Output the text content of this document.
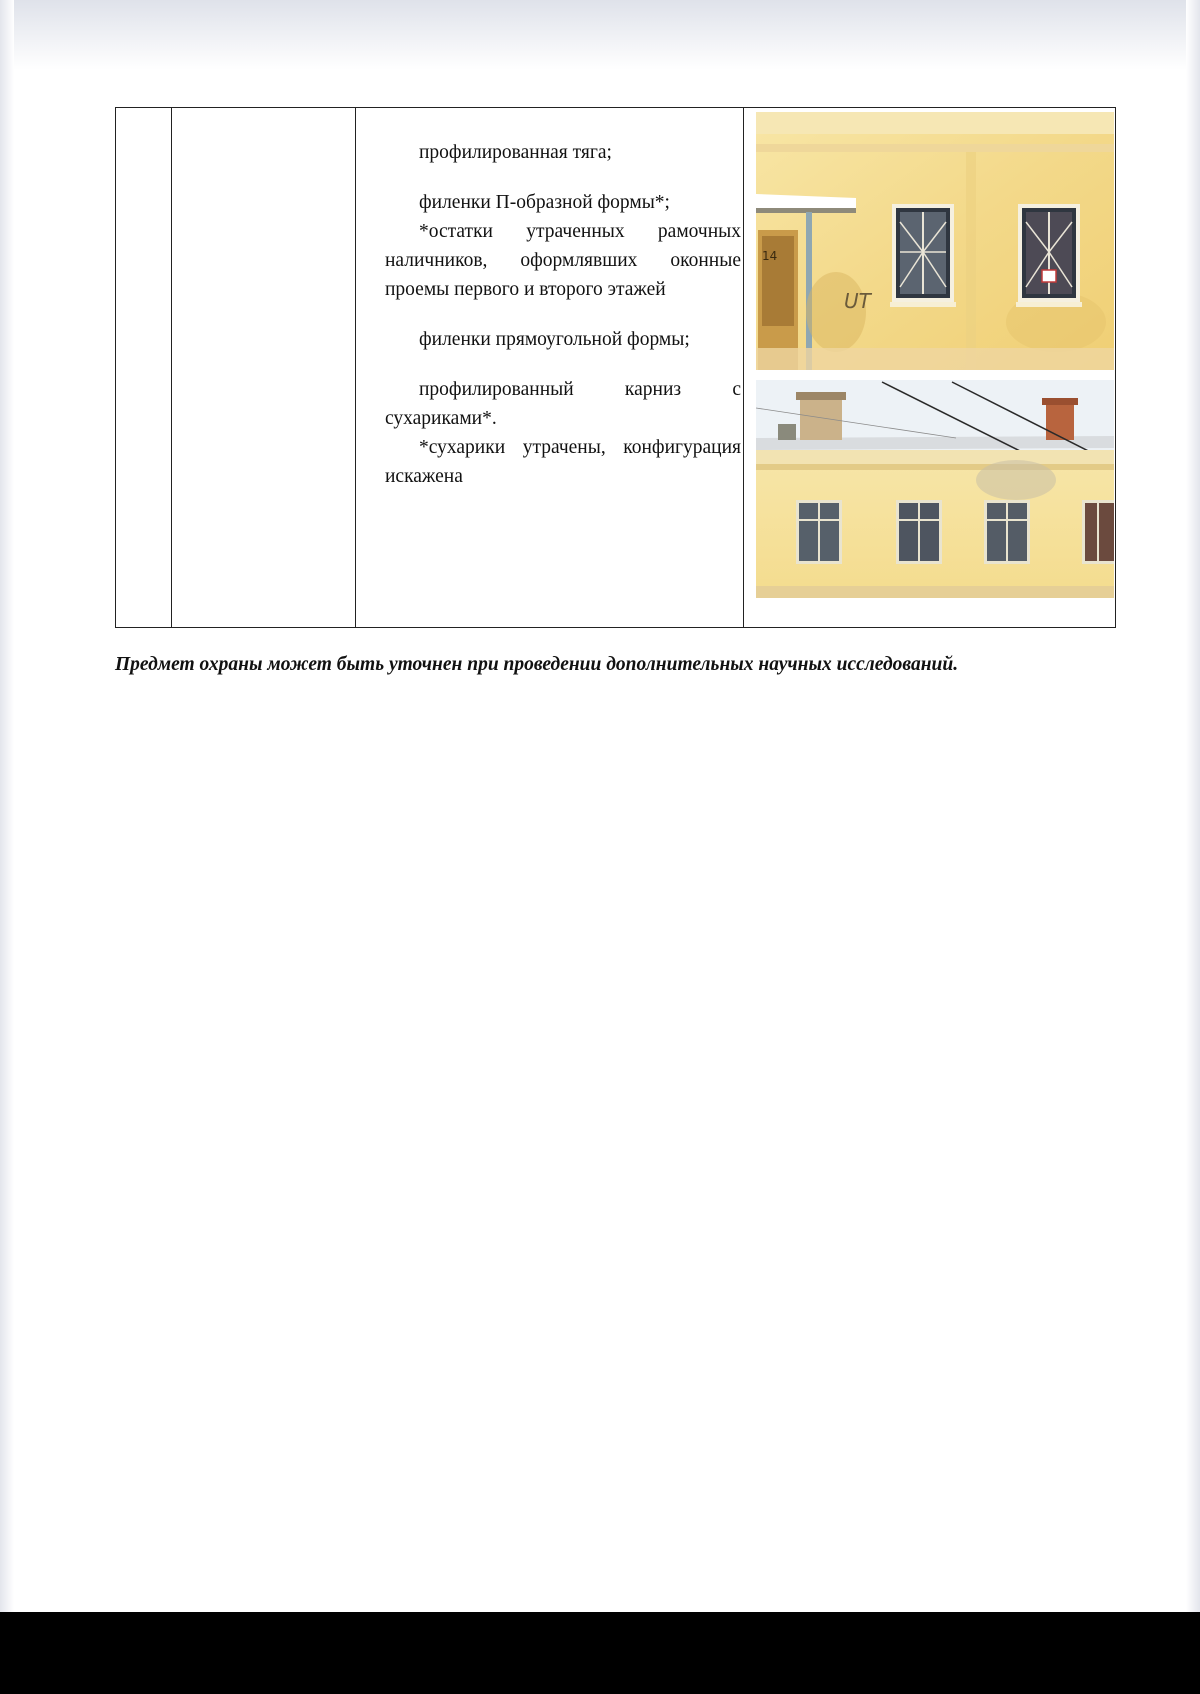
профилированная тяга;

филенки П-образной формы*;

*остатки утраченных рамочных наличников, оформлявших оконные проемы первого и второго этажей

филенки прямоугольной формы;

профилированный карниз с сухариками*.

*сухарики утрачены, конфигурация искажена

14
UT
Предмет охраны может быть уточнен при проведении дополнительных научных исследований.
